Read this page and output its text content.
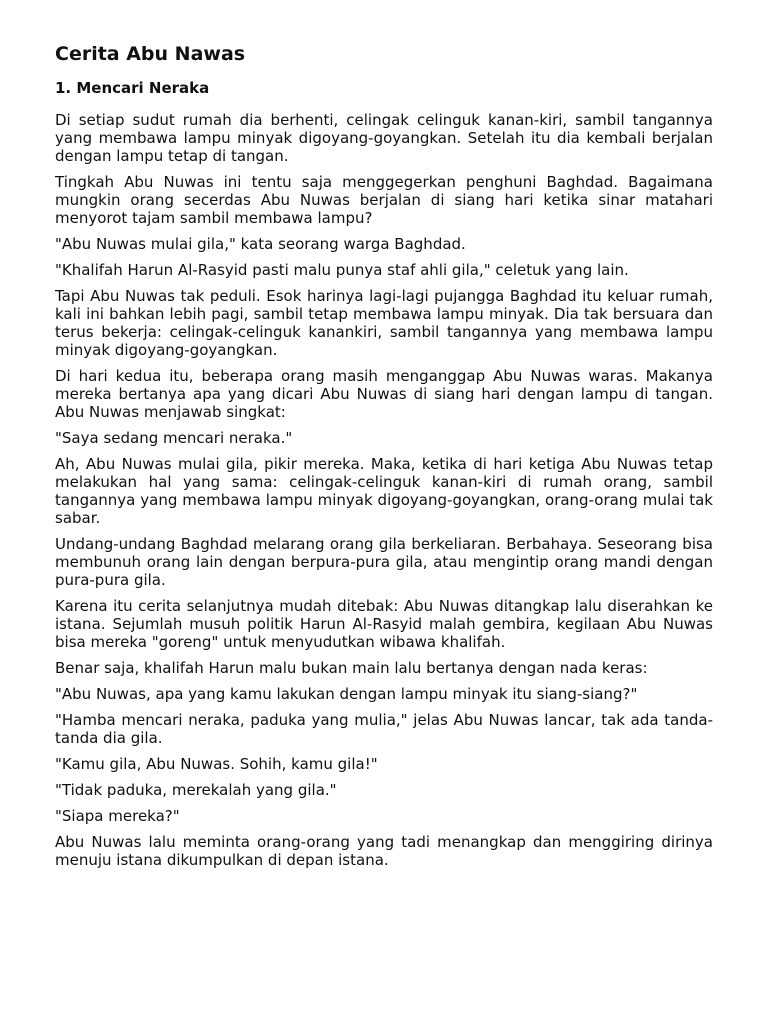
Cerita Abu Nawas
1. Mencari Neraka

Di setiap sudut rumah dia berhenti, celingak celinguk kanan-kiri, sambil tangannya yang membawa lampu minyak digoyang-goyangkan. Setelah itu dia kembali berjalan dengan lampu tetap di tangan.

Tingkah Abu Nuwas ini tentu saja menggegerkan penghuni Baghdad. Bagaimana mungkin orang secerdas Abu Nuwas berjalan di siang hari ketika sinar matahari menyorot tajam sambil membawa lampu?

"Abu Nuwas mulai gila," kata seorang warga Baghdad.

"Khalifah Harun Al-Rasyid pasti malu punya staf ahli gila," celetuk yang lain.

Tapi Abu Nuwas tak peduli. Esok harinya lagi-lagi pujangga Baghdad itu keluar rumah, kali ini bahkan lebih pagi, sambil tetap membawa lampu minyak. Dia tak bersuara dan terus bekerja: celingak-celinguk kanankiri, sambil tangannya yang membawa lampu minyak digoyang-goyangkan.

Di hari kedua itu, beberapa orang masih menganggap Abu Nuwas waras. Makanya mereka bertanya apa yang dicari Abu Nuwas di siang hari dengan lampu di tangan. Abu Nuwas menjawab singkat:

"Saya sedang mencari neraka."

Ah, Abu Nuwas mulai gila, pikir mereka. Maka, ketika di hari ketiga Abu Nuwas tetap melakukan hal yang sama: celingak-celinguk kanan-kiri di rumah orang, sambil tangannya yang membawa lampu minyak digoyang-goyangkan, orang-orang mulai tak sabar.

Undang-undang Baghdad melarang orang gila berkeliaran. Berbahaya. Seseorang bisa membunuh orang lain dengan berpura-pura gila, atau mengintip orang mandi dengan pura-pura gila.

Karena itu cerita selanjutnya mudah ditebak: Abu Nuwas ditangkap lalu diserahkan ke istana. Sejumlah musuh politik Harun Al-Rasyid malah gembira, kegilaan Abu Nuwas bisa mereka "goreng" untuk menyudutkan wibawa khalifah.

Benar saja, khalifah Harun malu bukan main lalu bertanya dengan nada keras:

"Abu Nuwas, apa yang kamu lakukan dengan lampu minyak itu siang-siang?"

"Hamba mencari neraka, paduka yang mulia," jelas Abu Nuwas lancar, tak ada tanda-tanda dia gila.

"Kamu gila, Abu Nuwas. Sohih, kamu gila!"

"Tidak paduka, merekalah yang gila."

"Siapa mereka?"

Abu Nuwas lalu meminta orang-orang yang tadi menangkap dan menggiring dirinya menuju istana dikumpulkan di depan istana.
